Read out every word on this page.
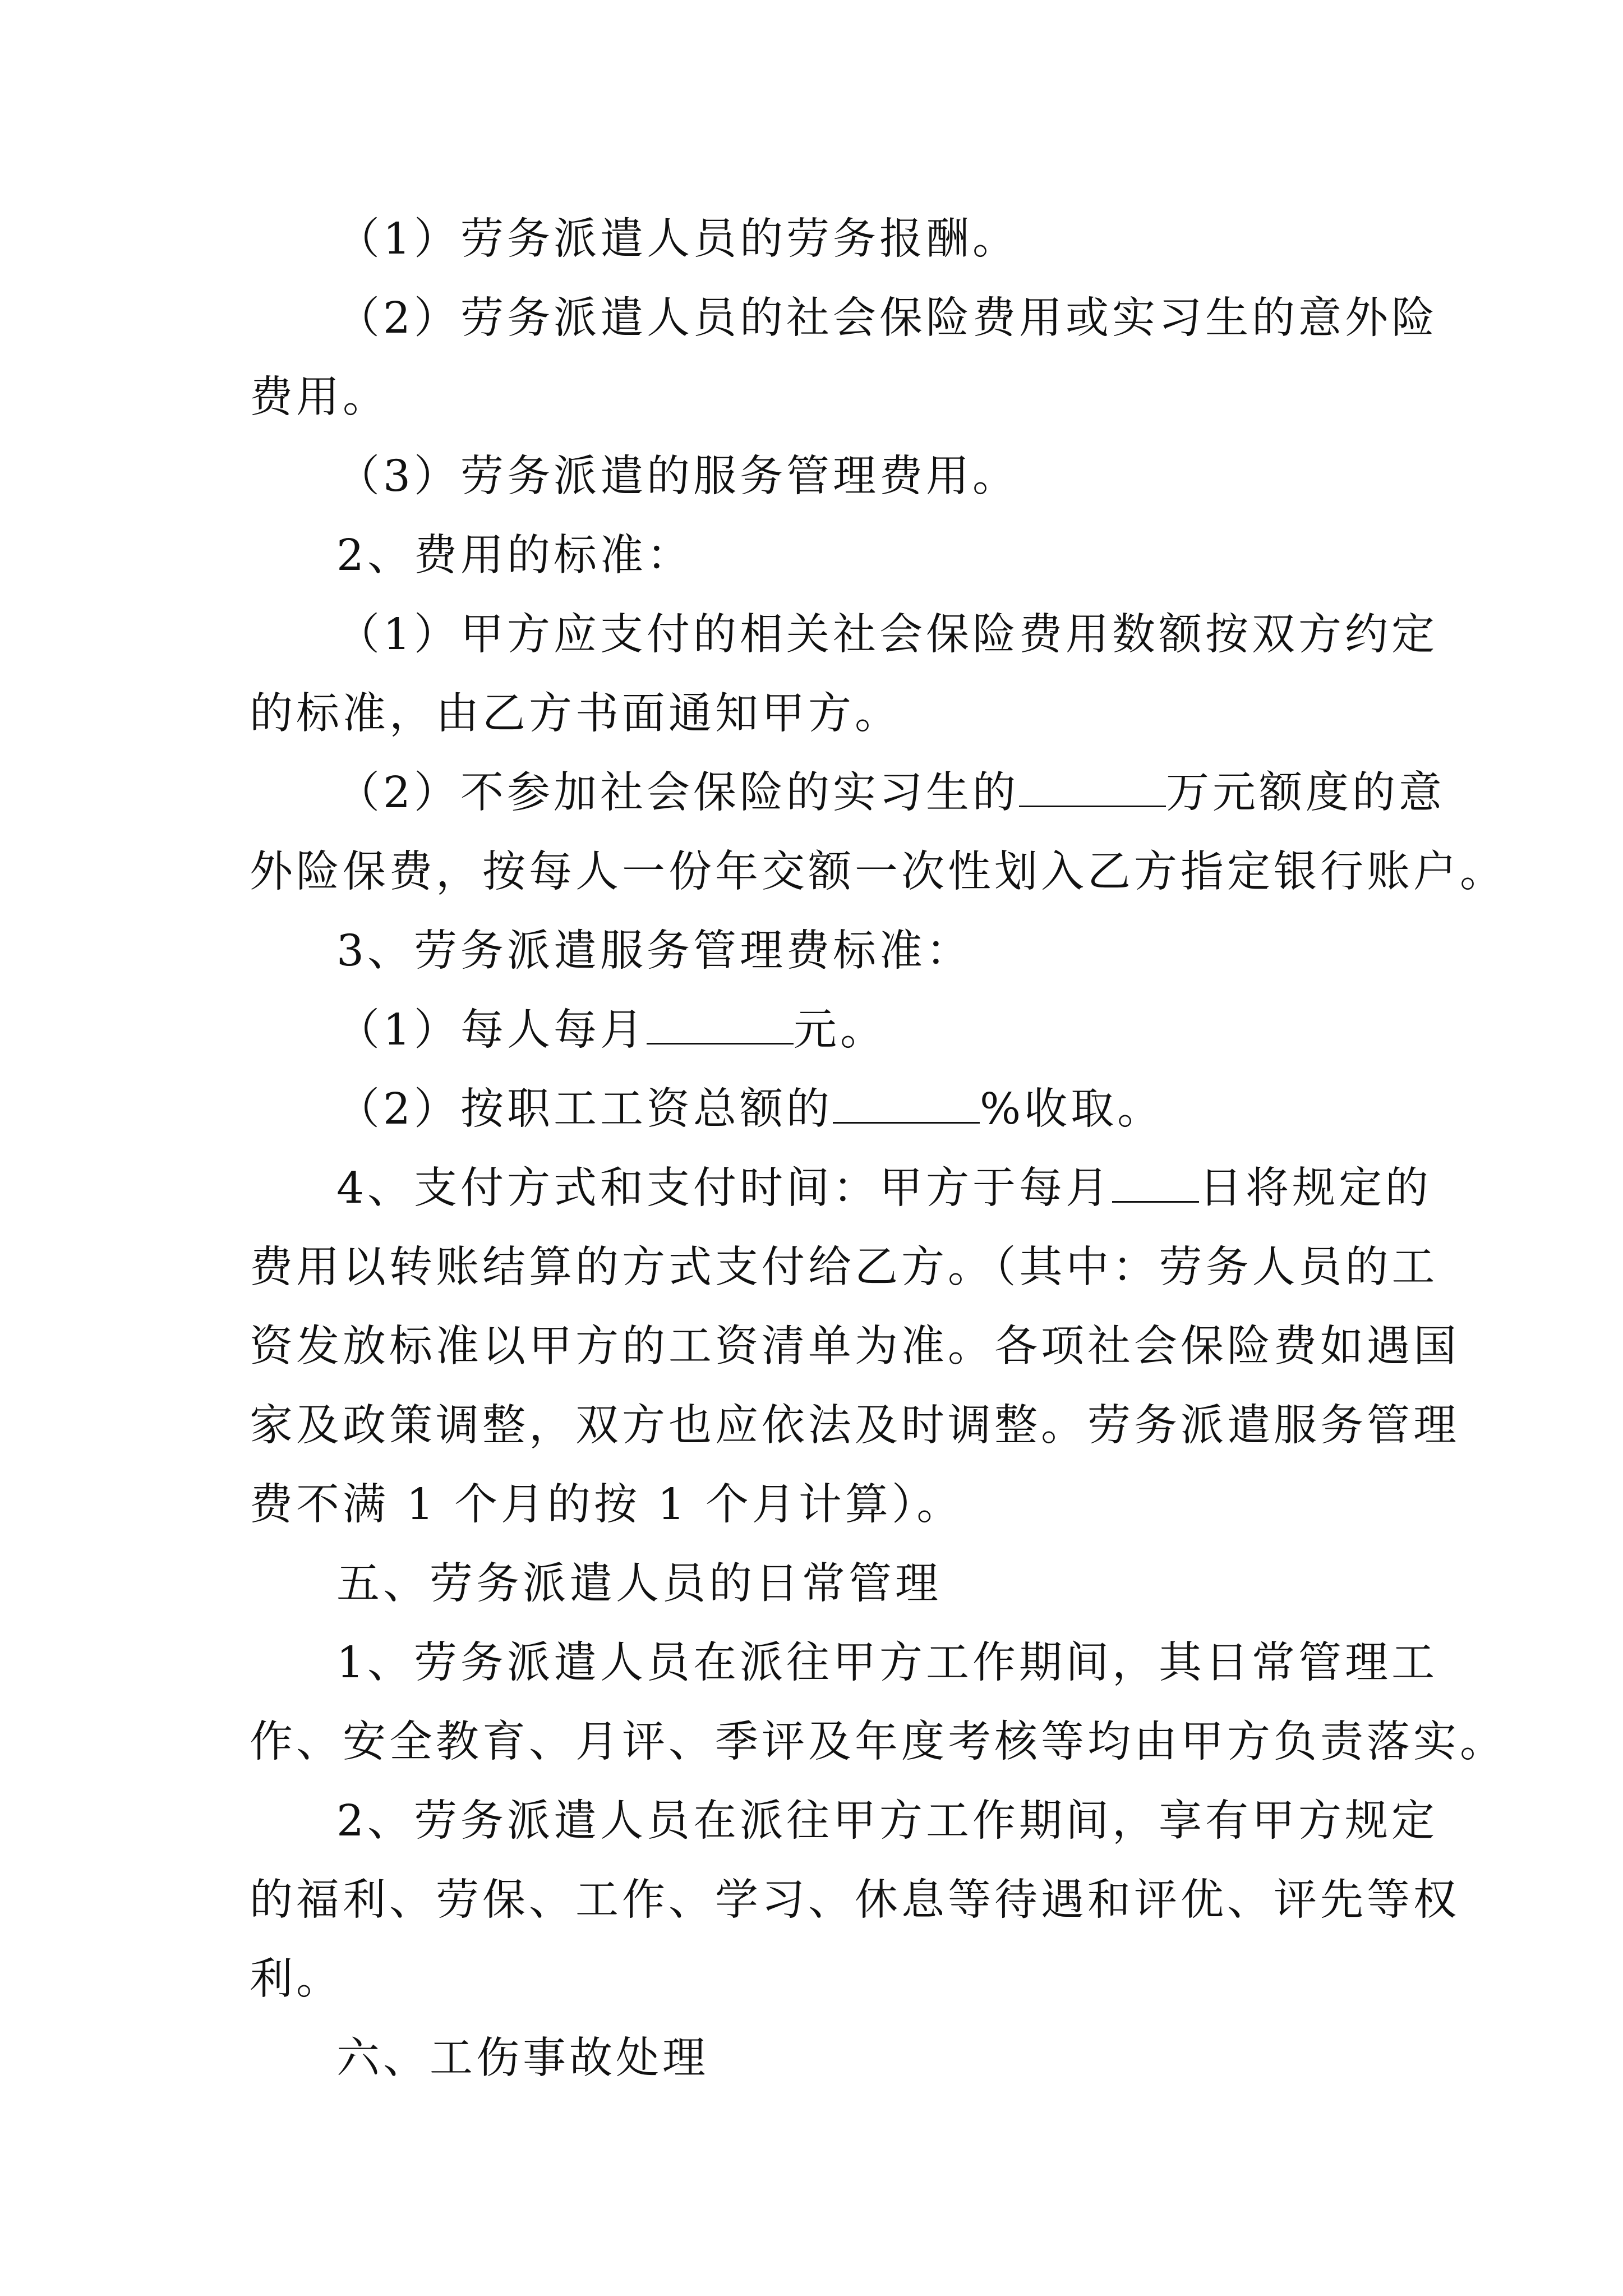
（1）劳务派遣人员的劳务报酬。
（2）劳务派遣人员的社会保险费用或实习生的意外险
费用。
（3）劳务派遣的服务管理费用。
2、费用的标准：
（1）甲方应支付的相关社会保险费用数额按双方约定
的标准，由乙方书面通知甲方。
（2）不参加社会保险的实习生的	万元额度的意
外险保费，按每人一份年交额一次性划入乙方指定银行账户。
3、劳务派遣服务管理费标准：
（1）每人每月	元。
（2）按职工工资总额的	%收取。
4、支付方式和支付时间：甲方于每月 日将规定的
费用以转账结算的方式支付给乙方。（其中：劳务人员的工
资发放标准以甲方的工资清单为准。各项社会保险费如遇国
家及政策调整，双方也应依法及时调整。劳务派遣服务管理
费不满 1 个月的按 1 个月计算）。
五、劳务派遣人员的日常管理
1、劳务派遣人员在派往甲方工作期间，其日常管理工
作、安全教育、月评、季评及年度考核等均由甲方负责落实。
2、劳务派遣人员在派往甲方工作期间，享有甲方规定
的福利、劳保、工作、学习、休息等待遇和评优、评先等权
利。
六、工伤事故处理
